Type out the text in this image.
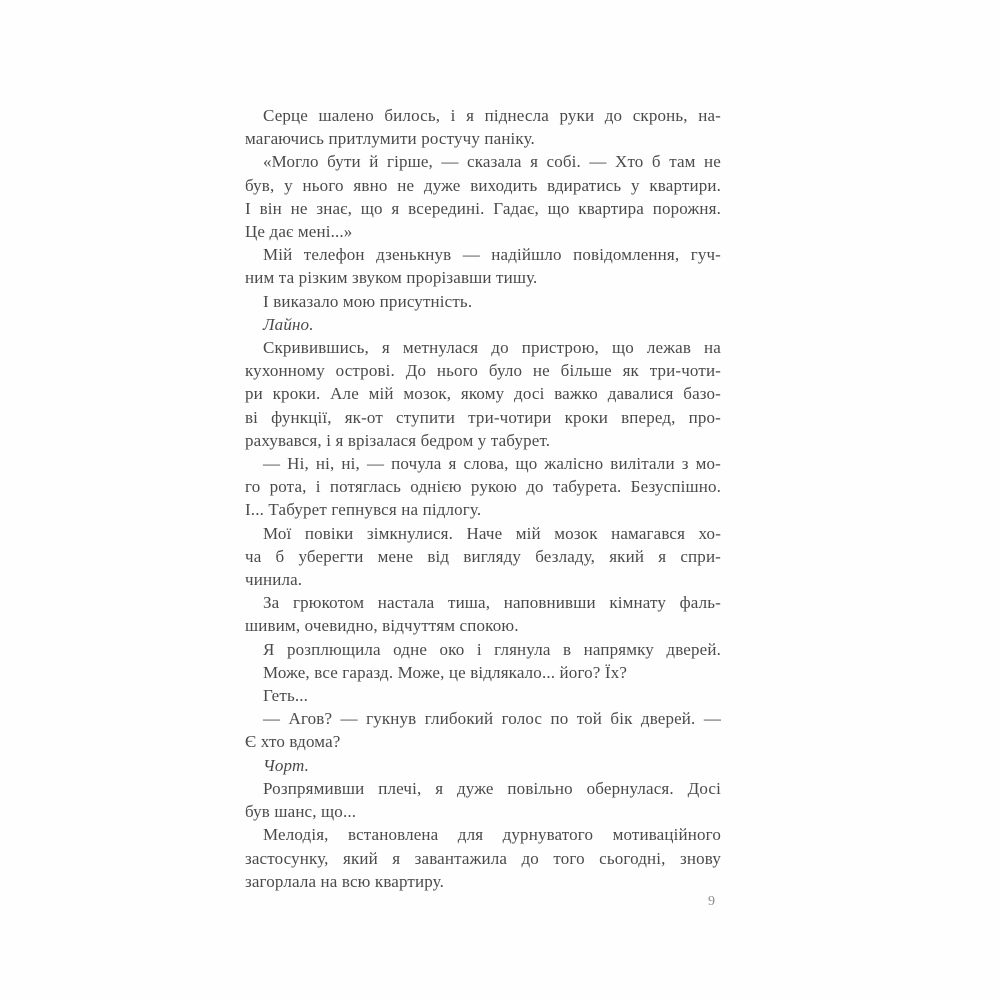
Серце шалено билось, і я піднесла руки до скронь, на-
магаючись притлумити ростучу паніку.
«Могло бути й гірше, — сказала я собі. — Хто б там не
був, у нього явно не дуже виходить вдиратись у квартири.
І він не знає, що я всередині. Гадає, що квартира порожня.
Це дає мені...»
Мій телефон дзенькнув — надійшло повідомлення, гуч-
ним та різким звуком прорізавши тишу.
І виказало мою присутність.
Лайно.
Скривившись, я метнулася до пристрою, що лежав на
кухонному острові. До нього було не більше як три-чоти-
ри кроки. Але мій мозок, якому досі важко давалися базо-
ві функції, як-от ступити три-чотири кроки вперед, про-
рахувався, і я врізалася бедром у табурет.
— Ні, ні, ні, — почула я слова, що жалісно вилітали з мо-
го рота, і потяглась однією рукою до табурета. Безуспішно.
І... Табурет гепнувся на підлогу.
Мої повіки зімкнулися. Наче мій мозок намагався хо-
ча б уберегти мене від вигляду безладу, який я спри-
чинила.
За грюкотом настала тиша, наповнивши кімнату фаль-
шивим, очевидно, відчуттям спокою.
Я розплющила одне око і глянула в напрямку дверей.
Може, все гаразд. Може, це відлякало... його? Їх?
Геть...
— Агов? — гукнув глибокий голос по той бік дверей. —
Є хто вдома?
Чорт.
Розпрямивши плечі, я дуже повільно обернулася. Досі
був шанс, що...
Мелодія, встановлена для дурнуватого мотиваційного
застосунку, який я завантажила до того сьогодні, знову
загорлала на всю квартиру.
9
